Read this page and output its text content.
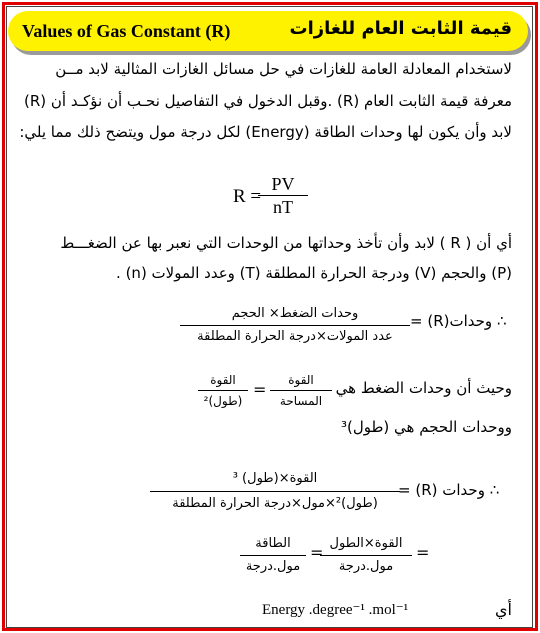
Values of Gas Constant (R)	قيمة الثابت العام للغازات
لاستخدام المعادلة العامة للغازات في حل مسائل الغازات المثالية لابد مــن
معرفة قيمة الثابت العام (R) .وقبل الدخول في التفاصيل نحـب أن نؤكـد أن (R)
لابد وأن يكون لها وحدات الطاقة (Energy) لكل درجة مول ويتضح ذلك مما يلي:
R =
PV
nT
أي أن ( R ) لابد وأن تأخذ وحداتها من الوحدات التي نعبر بها عن الضغـــط
(P) والحجم (V) ودرجة الحرارة المطلقة (T) وعدد المولات (n) .
∴ وحدات(R) =
وحدات الضغط× الحجم
عدد المولات×درجة الحرارة المطلقة
وحيث أن وحدات الضغط هي
القوة
المساحة
=
القوة
(طول)²
ووحدات الحجم هي (طول)³
∴ وحدات (R) =
القوة×(طول) ³
(طول)²×مول×درجة الحرارة المطلقة
=
القوة×الطول
مول.درجة
=
الطاقة
مول.درجة
أي
Energy .degree⁻¹ .mol⁻¹
